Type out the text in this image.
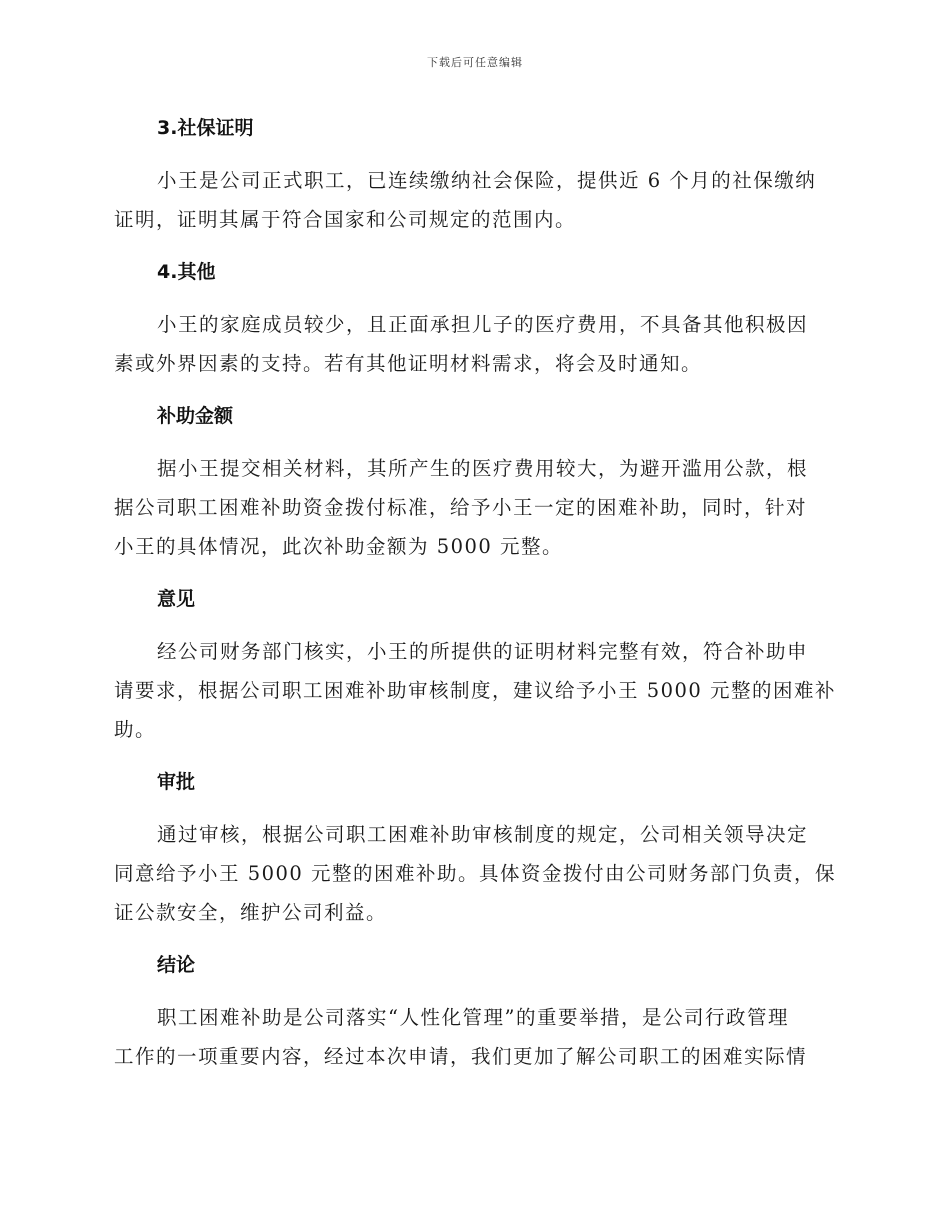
下载后可任意编辑
3.社保证明
小王是公司正式职工，已连续缴纳社会保险，提供近 6 个月的社保缴纳
证明，证明其属于符合国家和公司规定的范围内。
4.其他
小王的家庭成员较少，且正面承担儿子的医疗费用，不具备其他积极因
素或外界因素的支持。若有其他证明材料需求，将会及时通知。
补助金额
据小王提交相关材料，其所产生的医疗费用较大，为避开滥用公款，根
据公司职工困难补助资金拨付标准，给予小王一定的困难补助，同时，针对
小王的具体情况，此次补助金额为 5000 元整。
意见
经公司财务部门核实，小王的所提供的证明材料完整有效，符合补助申
请要求，根据公司职工困难补助审核制度，建议给予小王 5000 元整的困难补
助。
审批
通过审核，根据公司职工困难补助审核制度的规定，公司相关领导决定
同意给予小王 5000 元整的困难补助。具体资金拨付由公司财务部门负责，保
证公款安全，维护公司利益。
结论
职工困难补助是公司落实“人性化管理”的重要举措，是公司行政管理
工作的一项重要内容，经过本次申请，我们更加了解公司职工的困难实际情
